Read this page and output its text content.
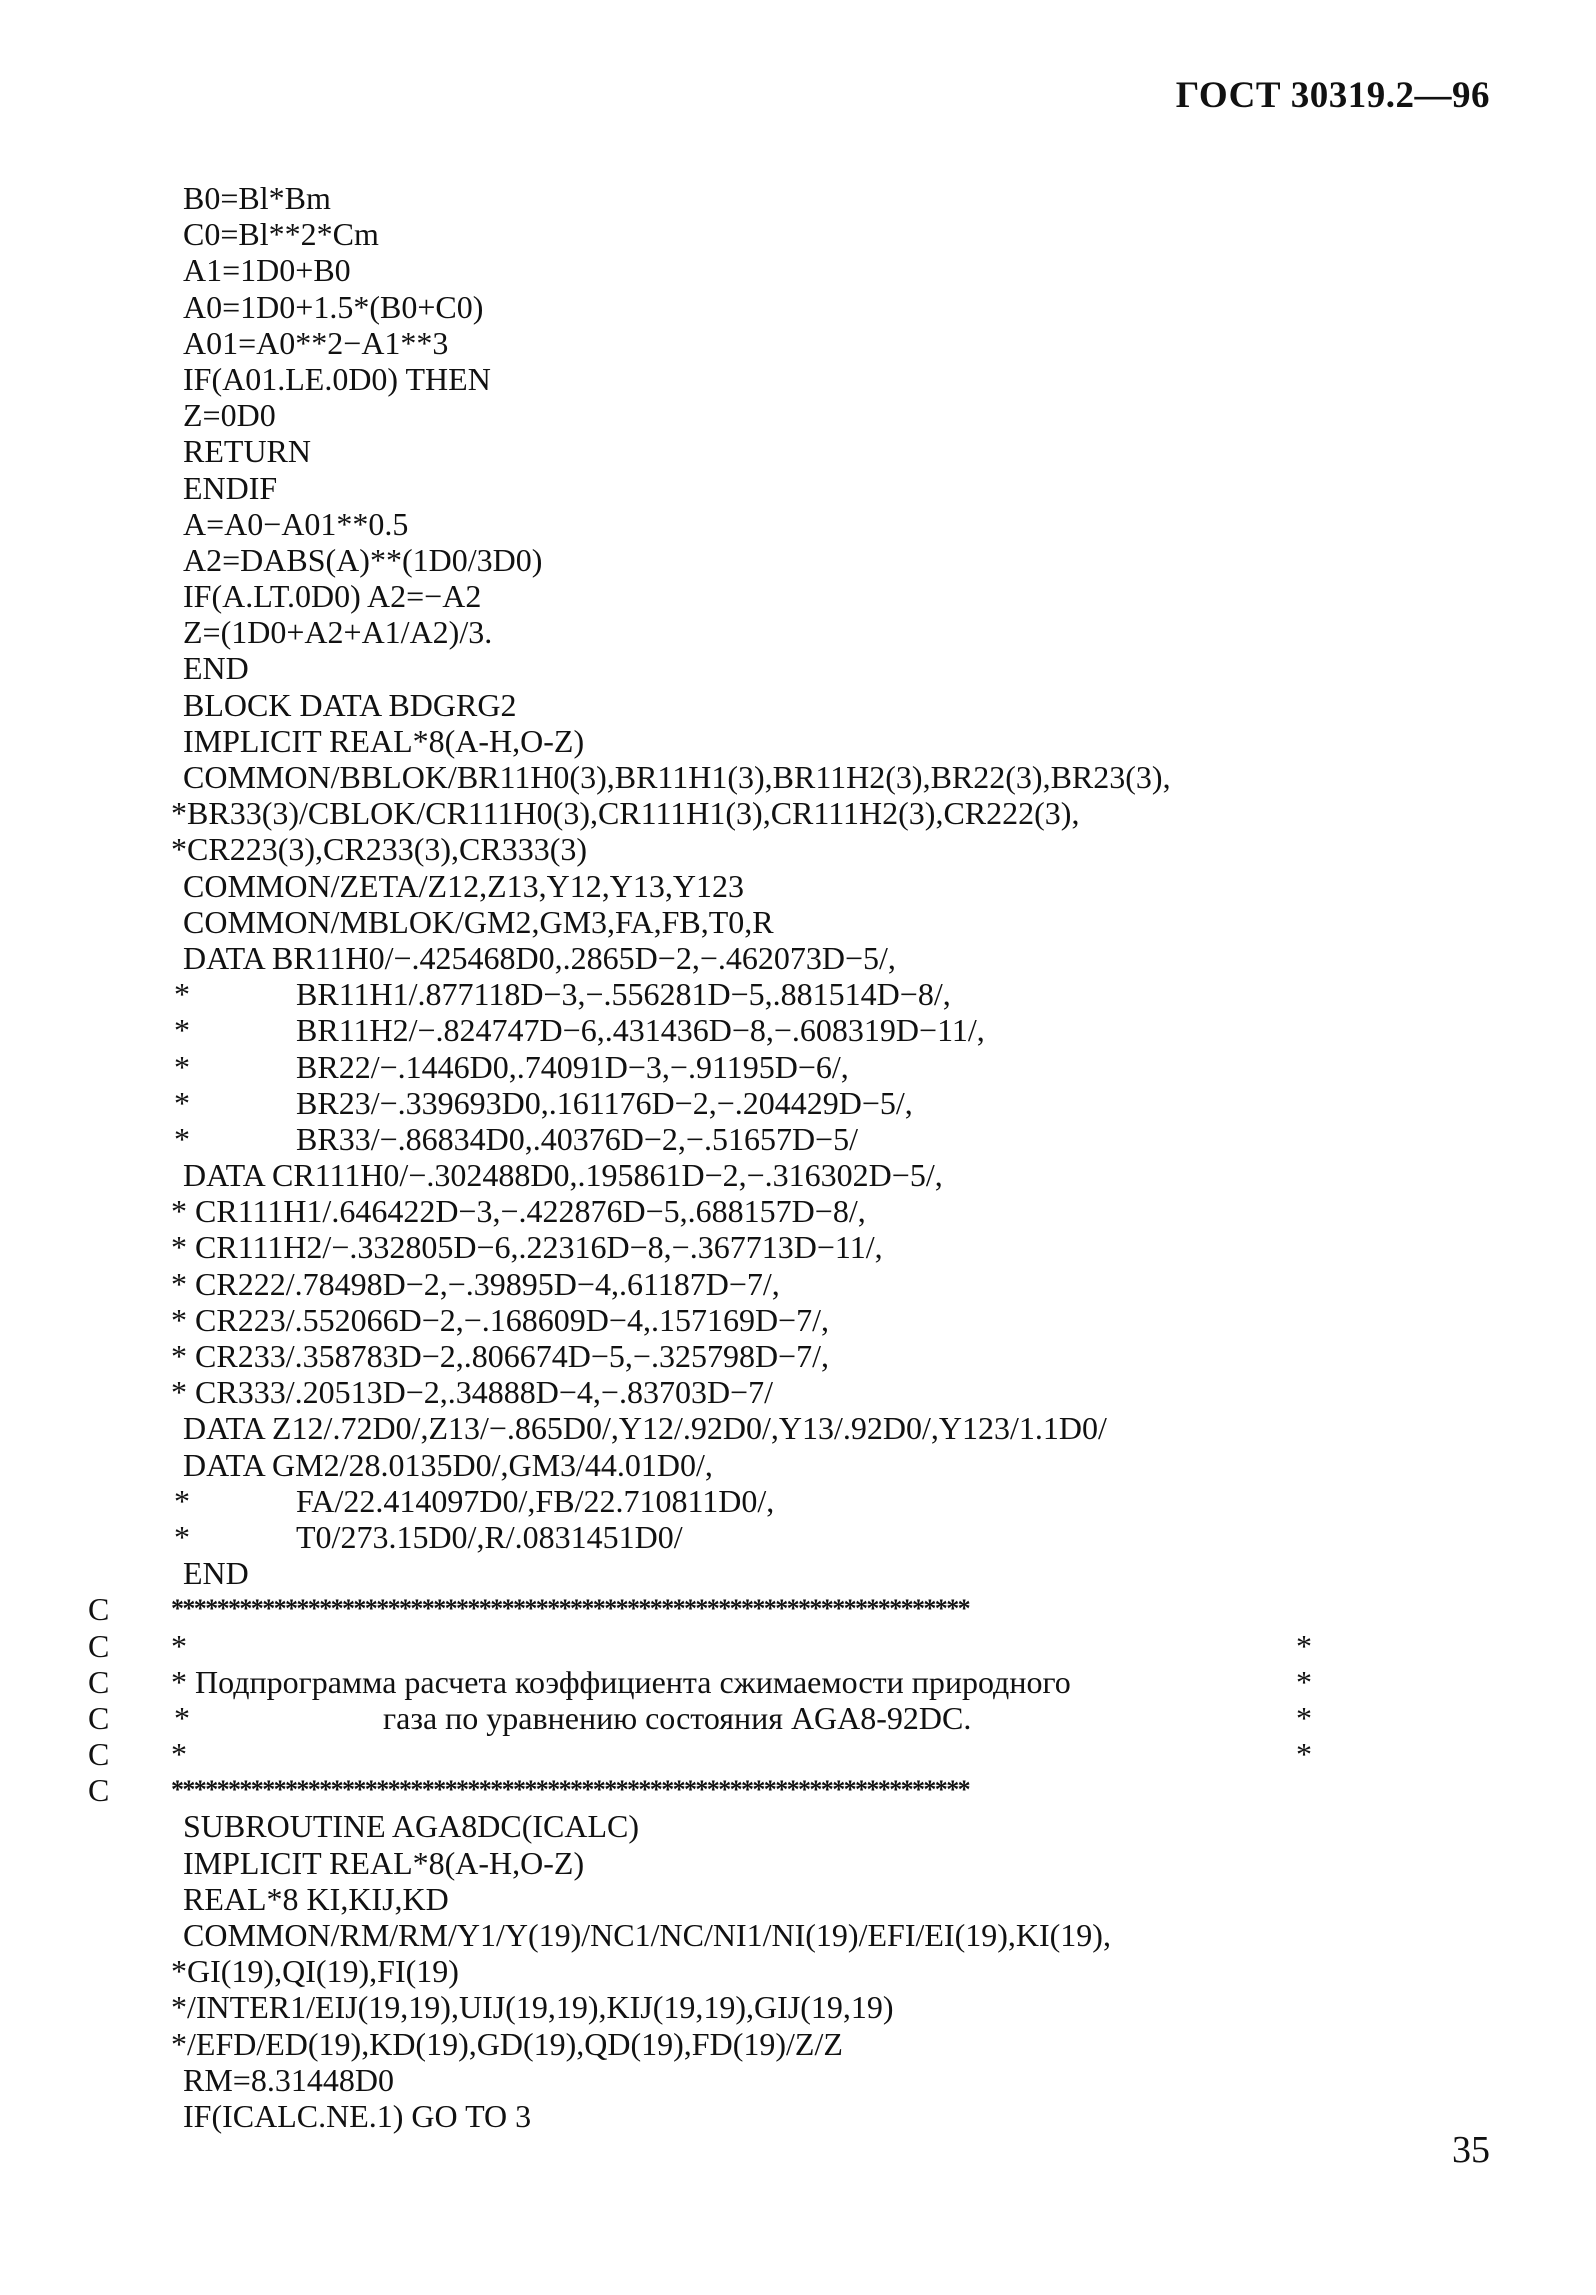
ГОСТ 30319.2—96
B0=Bl*Bm
C0=Bl**2*Cm
A1=1D0+B0
A0=1D0+1.5*(B0+C0)
A01=A0**2−A1**3
IF(A01.LE.0D0) THEN
Z=0D0
RETURN
ENDIF
A=A0−A01**0.5
A2=DABS(A)**(1D0/3D0)
IF(A.LT.0D0) A2=−A2
Z=(1D0+A2+A1/A2)/3.
END
BLOCK DATA BDGRG2
IMPLICIT REAL*8(A-H,O-Z)
COMMON/BBLOK/BR11H0(3),BR11H1(3),BR11H2(3),BR22(3),BR23(3),
*BR33(3)/CBLOK/CR111H0(3),CR111H1(3),CR111H2(3),CR222(3),
*CR223(3),CR233(3),CR333(3)
COMMON/ZETA/Z12,Z13,Y12,Y13,Y123
COMMON/MBLOK/GM2,GM3,FA,FB,T0,R
DATA BR11H0/−.425468D0,.2865D−2,−.462073D−5/,
*	BR11H1/.877118D−3,−.556281D−5,.881514D−8/,
*	BR11H2/−.824747D−6,.431436D−8,−.608319D−11/,
*	BR22/−.1446D0,.74091D−3,−.91195D−6/,
*	BR23/−.339693D0,.161176D−2,−.204429D−5/,
*	BR33/−.86834D0,.40376D−2,−.51657D−5/
DATA CR111H0/−.302488D0,.195861D−2,−.316302D−5/,
* CR111H1/.646422D−3,−.422876D−5,.688157D−8/,
* CR111H2/−.332805D−6,.22316D−8,−.367713D−11/,
* CR222/.78498D−2,−.39895D−4,.61187D−7/,
* CR223/.552066D−2,−.168609D−4,.157169D−7/,
* CR233/.358783D−2,.806674D−5,−.325798D−7/,
* CR333/.20513D−2,.34888D−4,−.83703D−7/
DATA Z12/.72D0/,Z13/−.865D0/,Y12/.92D0/,Y13/.92D0/,Y123/1.1D0/
DATA GM2/28.0135D0/,GM3/44.01D0/,
*	FA/22.414097D0/,FB/22.710811D0/,
*	T0/273.15D0/,R/.0831451D0/
END
C **********************************************************************
C *	*
C * Подпрограмма расчета коэффициента сжимаемости природного	*
C *	газа по уравнению состояния AGA8-92DC.	*
C *	*
C **********************************************************************
SUBROUTINE AGA8DC(ICALC)
IMPLICIT REAL*8(A-H,O-Z)
REAL*8 KI,KIJ,KD
COMMON/RM/RM/Y1/Y(19)/NC1/NC/NI1/NI(19)/EFI/EI(19),KI(19),
*GI(19),QI(19),FI(19)
*/INTER1/EIJ(19,19),UIJ(19,19),KIJ(19,19),GIJ(19,19)
*/EFD/ED(19),KD(19),GD(19),QD(19),FD(19)/Z/Z
RM=8.31448D0
IF(ICALC.NE.1) GO TO 3
35
